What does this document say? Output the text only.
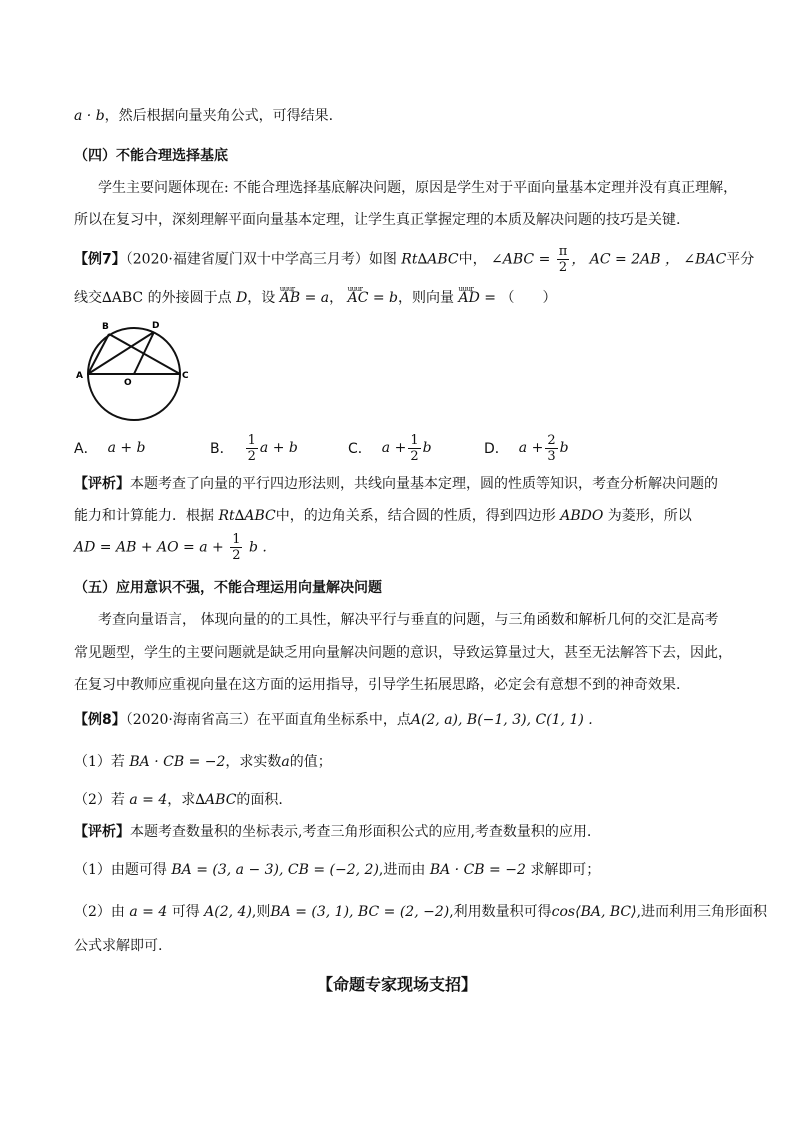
a · b，然后根据向量夹角公式，可得结果.
（四）不能合理选择基底
学生主要问题体现在: 不能合理选择基底解决问题，原因是学生对于平面向量基本定理并没有真正理解，
所以在复习中，深刻理解平面向量基本定理，让学生真正掌握定理的本质及解决问题的技巧是关键.
【例7】（2020·福建省厦门双十中学高三月考）如图 Rt∆ABC中， ∠ABC = $\frac{\pi}{2}$ ， AC = 2AB ， ∠BAC平分
线交∆ABC 的外接圆于点 D，设 uuur AB = a， uuur AC = b，则向量 uuur AD = （　　）
A
B
C
D
O
A． a + b	B． $\frac{1}{2}$ a + b	C． $a + \frac{1}{2}$ b	D． $a + \frac{2}{3}$ b
【评析】本题考查了向量的平行四边形法则，共线向量基本定理，圆的性质等知识，考查分析解决问题的
能力和计算能力．根据 Rt∆ABC中，的边角关系，结合圆的性质，得到四边形 ABDO 为菱形，所以
AD = AB + AO = $a + \frac{1}{2}$ b .
（五）应用意识不强，不能合理运用向量解决问题
考查向量语言， 体现向量的的工具性，解决平行与垂直的问题，与三角函数和解析几何的交汇是高考
常见题型，学生的主要问题就是缺乏用向量解决问题的意识，导致运算量过大，甚至无法解答下去，因此，
在复习中教师应重视向量在这方面的运用指导，引导学生拓展思路，必定会有意想不到的神奇效果.
【例8】（2020·海南省高三）在平面直角坐标系中，点A(2, a), B(−1, 3), C(1, 1) .
（1）若 BA · CB = −2，求实数a的值；
（2）若 a = 4，求∆ABC的面积.
【评析】本题考查数量积的坐标表示,考查三角形面积公式的应用,考查数量积的应用.
（1）由题可得 BA = (3, a − 3), CB = (−2, 2),进而由 BA · CB = −2 求解即可；
（2）由 a = 4 可得 A(2, 4),则BA = (3, 1), BC = (2, −2),利用数量积可得cos⟨BA, BC⟩,进而利用三角形面积
公式求解即可.
【命题专家现场支招】
